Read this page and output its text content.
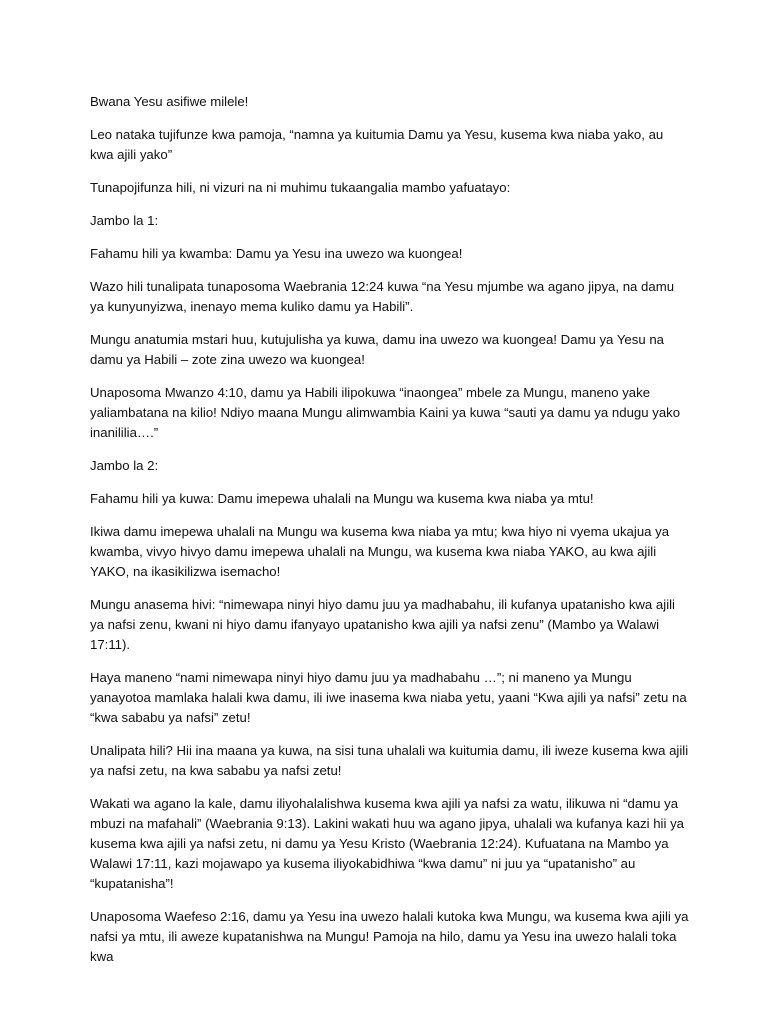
Bwana Yesu asifiwe milele!

Leo nataka tujifunze kwa pamoja, “namna ya kuitumia Damu ya Yesu, kusema kwa niaba yako, au kwa ajili yako”

Tunapojifunza hili, ni vizuri na ni muhimu tukaangalia mambo yafuatayo:

Jambo la 1:

Fahamu hili ya kwamba: Damu ya Yesu ina uwezo wa kuongea!

Wazo hili tunalipata tunaposoma Waebrania 12:24 kuwa “na Yesu mjumbe wa agano jipya, na damu ya kunyunyizwa, inenayo mema kuliko damu ya Habili”.

Mungu anatumia mstari huu, kutujulisha ya kuwa, damu ina uwezo wa kuongea! Damu ya Yesu na damu ya Habili – zote zina uwezo wa kuongea!

Unaposoma Mwanzo 4:10, damu ya Habili ilipokuwa “inaongea” mbele za Mungu, maneno yake yaliambatana na kilio! Ndiyo maana Mungu alimwambia Kaini ya kuwa “sauti ya damu ya ndugu yako inanililia….”

Jambo la 2:

Fahamu hili ya kuwa: Damu imepewa uhalali na Mungu wa kusema kwa niaba ya mtu!

Ikiwa damu imepewa uhalali na Mungu wa kusema kwa niaba ya mtu; kwa hiyo ni vyema ukajua ya kwamba, vivyo hivyo damu imepewa uhalali na Mungu, wa kusema kwa niaba YAKO, au kwa ajili YAKO, na ikasikilizwa isemacho!

Mungu anasema hivi: “nimewapa ninyi hiyo damu juu ya madhabahu, ili kufanya upatanisho kwa ajili ya nafsi zenu, kwani ni hiyo damu ifanyayo upatanisho kwa ajili ya nafsi zenu” (Mambo ya Walawi 17:11).

Haya maneno “nami nimewapa ninyi hiyo damu juu ya madhabahu …”; ni maneno ya Mungu yanayotoa mamlaka halali kwa damu, ili iwe inasema kwa niaba yetu, yaani “Kwa ajili ya nafsi” zetu na “kwa sababu ya nafsi” zetu!

Unalipata hili? Hii ina maana ya kuwa, na sisi tuna uhalali wa kuitumia damu, ili iweze kusema kwa ajili ya nafsi zetu, na kwa sababu ya nafsi zetu!

Wakati wa agano la kale, damu iliyohalalishwa kusema kwa ajili ya nafsi za watu, ilikuwa ni “damu ya mbuzi na mafahali” (Waebrania 9:13). Lakini wakati huu wa agano jipya, uhalali wa kufanya kazi hii ya kusema kwa ajili ya nafsi zetu, ni damu ya Yesu Kristo (Waebrania 12:24). Kufuatana na Mambo ya Walawi 17:11, kazi mojawapo ya kusema iliyokabidhiwa “kwa damu” ni juu ya “upatanisho” au “kupatanisha”!

Unaposoma Waefeso 2:16, damu ya Yesu ina uwezo halali kutoka kwa Mungu, wa kusema kwa ajili ya nafsi ya mtu, ili aweze kupatanishwa na Mungu! Pamoja na hilo, damu ya Yesu ina uwezo halali toka kwa
